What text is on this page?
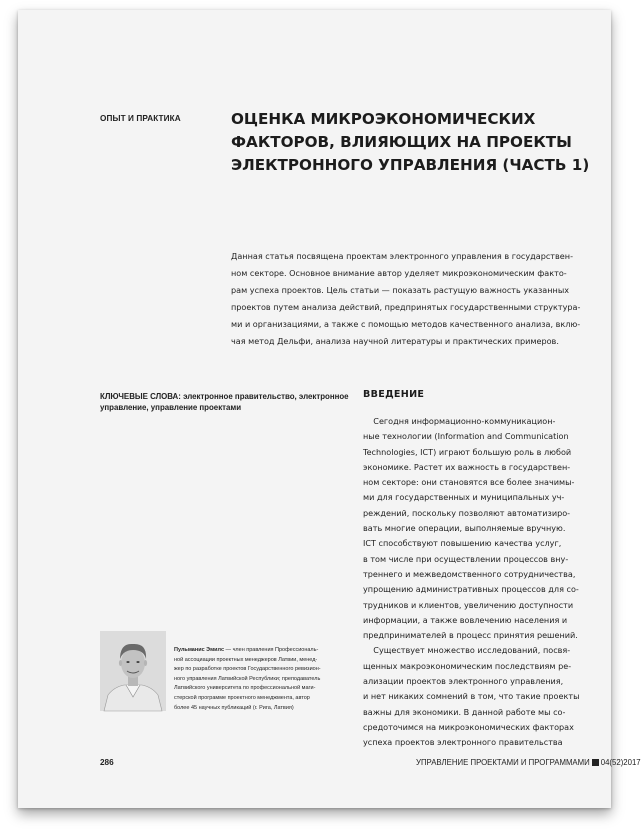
ОПЫТ И ПРАКТИКА	ОЦЕНКА МИКРОЭКОНОМИЧЕСКИХ
ФАКТОРОВ, ВЛИЯЮЩИХ НА ПРОЕКТЫ
ЭЛЕКТРОННОГО УПРАВЛЕНИЯ (ЧАСТЬ 1)
Данная статья посвящена проектам электронного управления в государствен-
ном секторе. Основное внимание автор уделяет микроэкономическим факто-
рам успеха проектов. Цель статьи — показать растущую важность указанных
проектов путем анализа действий, предпринятых государственными структура-
ми и организациями, а также с помощью методов качественного анализа, вклю-
чая метод Дельфи, анализа научной литературы и практических примеров.
КЛЮЧЕВЫЕ СЛОВА: электронное правительство, электронное
управление, управление проектами
ВВЕДЕНИЕ
Сегодня информационно-коммуникацион-
ные технологии (Information and Communication
Technologies, ICT) играют большую роль в любой
экономике. Растет их важность в государствен-
ном секторе: они становятся все более значимы-
ми для государственных и муниципальных уч-
реждений, поскольку позволяют автоматизиро-
вать многие операции, выполняемые вручную.
ICT способствуют повышению качества услуг,
в том числе при осуществлении процессов вну-
треннего и межведомственного сотрудничества,
упрощению административных процессов для со-
трудников и клиентов, увеличению доступности
информации, а также вовлечению населения и
предпринимателей в процесс принятия решений.
Существует множество исследований, посвя-
щенных макроэкономическим последствиям ре-
ализации проектов электронного управления,
и нет никаких сомнений в том, что такие проекты
важны для экономики. В данной работе мы со-
средоточимся на микроэкономических факторах
успеха проектов электронного правительства
Пульманис Эмилс — член правления Профессиональ-
ной ассоциации проектных менеджеров Латвии, менед-
жер по разработке проектов Государственного ревизион-
ного управления Латвийской Республики; преподаватель
Латвийского университета по профессиональной маги-
стерской программе проектного менеджмента, автор
более 45 научных публикаций (г. Рига, Латвия)
286	УПРАВЛЕНИЕ ПРОЕКТАМИ И ПРОГРАММАМИ 04(52)2017
